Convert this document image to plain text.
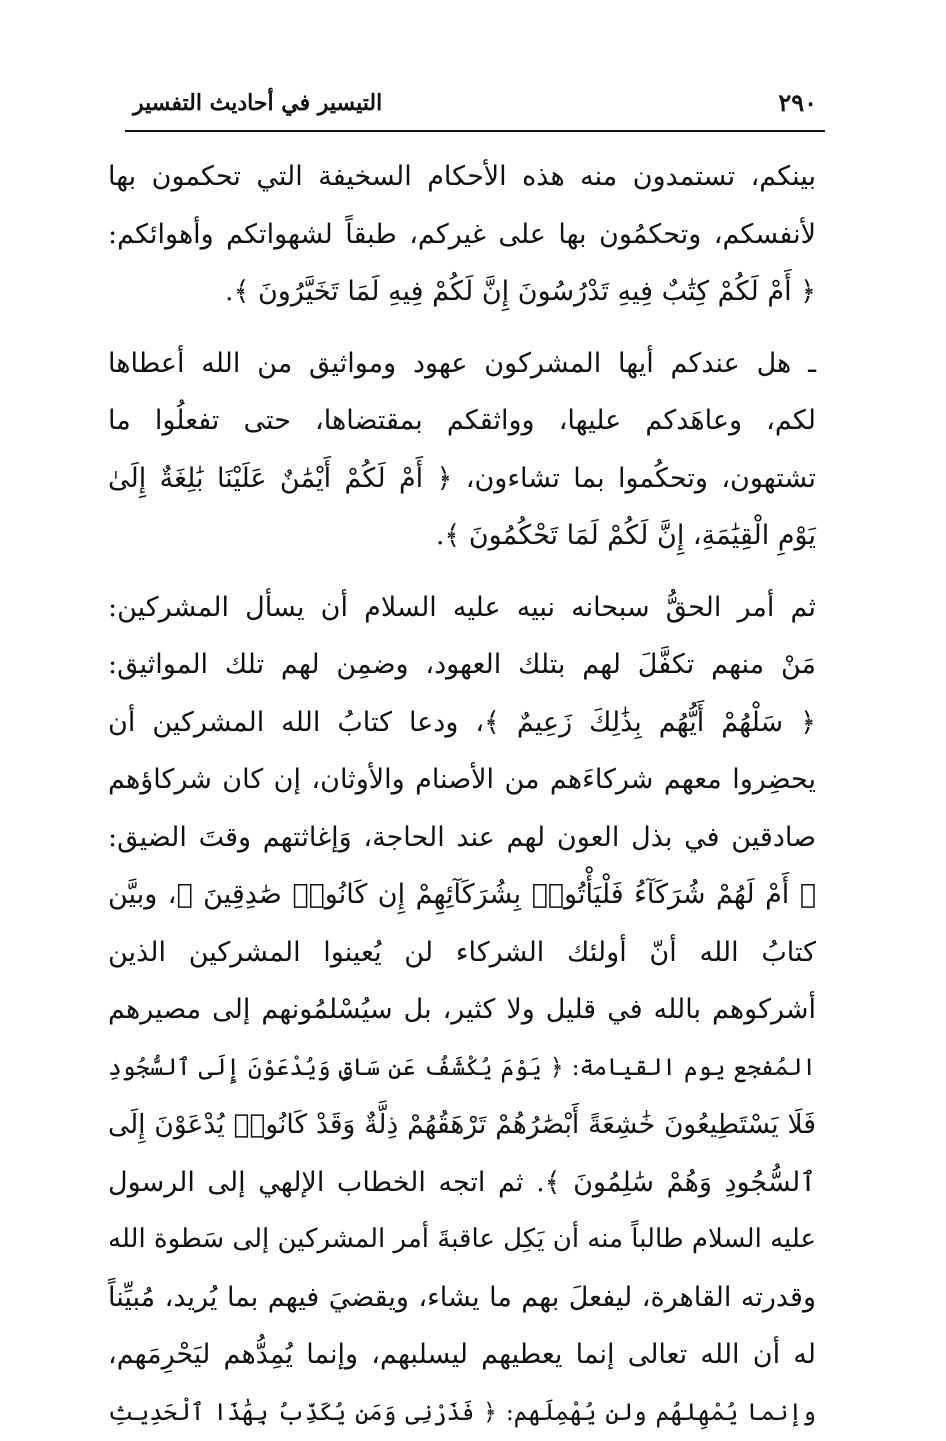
٢٩٠
التيسير في أحاديث التفسير

بينكم، تستمدون منه هذه الأحكام السخيفة التي تحكمون بها
لأنفسكم، وتحكمُون بها على غيركم، طبقاً لشهواتكم وأهوائكم:
﴿ أَمْ لَكُمْ كِتَٰبٌ فِيهِ تَدْرُسُونَ إِنَّ لَكُمْ فِيهِ لَمَا تَخَيَّرُونَ ﴾.

ـ هل عندكم أيها المشركون عهود ومواثيق من الله أعطاها
لكم، وعاهَدكم عليها، وواثقكم بمقتضاها، حتى تفعلُوا ما
تشتهون، وتحكُموا بما تشاءون، ﴿ أَمْ لَكُمْ أَيْمَٰنٌ عَلَيْنَا بَٰلِغَةٌ إِلَىٰ
يَوْمِ الْقِيَٰمَةِ، إِنَّ لَكُمْ لَمَا تَحْكُمُونَ ﴾.

ثم أمر الحقُّ سبحانه نبيه عليه السلام أن يسأل المشركين:
مَنْ منهم تكفَّلَ لهم بتلك العهود، وضمِن لهم تلك المواثيق:
﴿ سَلْهُمْ أَيُّهُم بِذَٰلِكَ زَعِيمٌ ﴾، ودعا كتابُ الله المشركين أن
يحضِروا معهم شركاءَهم من الأصنام والأوثان، إن كان شركاؤهم
صادقين في بذل العون لهم عند الحاجة، وَإغاثتهم وقتَ الضيق:
﴿ أَمْ لَهُمْ شُرَكَآءُ فَلْيَأْتُوا۟ بِشُرَكَآئِهِمْ إِن كَانُوا۟ صَٰدِقِينَ ﴾، وبيَّن
كتابُ الله أنّ أولئك الشركاء لن يُعينوا المشركين الذين
أشركوهم بالله في قليل ولا كثير، بل سيُسْلمُونهم إلى مصيرهم
المُفجع يوم القيامة: ﴿ يَوْمَ يُكْشَفُ عَن سَاقٍ وَيُدْعَوْنَ إِلَى ٱلسُّجُودِ
فَلَا يَسْتَطِيعُونَ خَٰشِعَةً أَبْصَٰرُهُمْ تَرْهَقُهُمْ ذِلَّةٌ وَقَدْ كَانُوا۟ يُدْعَوْنَ إِلَى
ٱلسُّجُودِ وَهُمْ سَٰلِمُونَ ﴾. ثم اتجه الخطاب الإلهي إلى الرسول
عليه السلام طالباً منه أن يَكِل عاقبةَ أمر المشركين إلى سَطوة الله
وقدرته القاهرة، ليفعلَ بهم ما يشاء، ويقضيَ فيهم بما يُريد، مُبيِّناً
له أن الله تعالى إنما يعطيهم ليسلبهم، وإنما يُمِدُّهم ليَحْرِمَهم،
وإنما يُمْهِلهُم ولن يُهْمِلَهم: ﴿ فَذَرْنِى وَمَن يُكَذِّبُ بِهَٰذَا ٱلْحَدِيثِ
